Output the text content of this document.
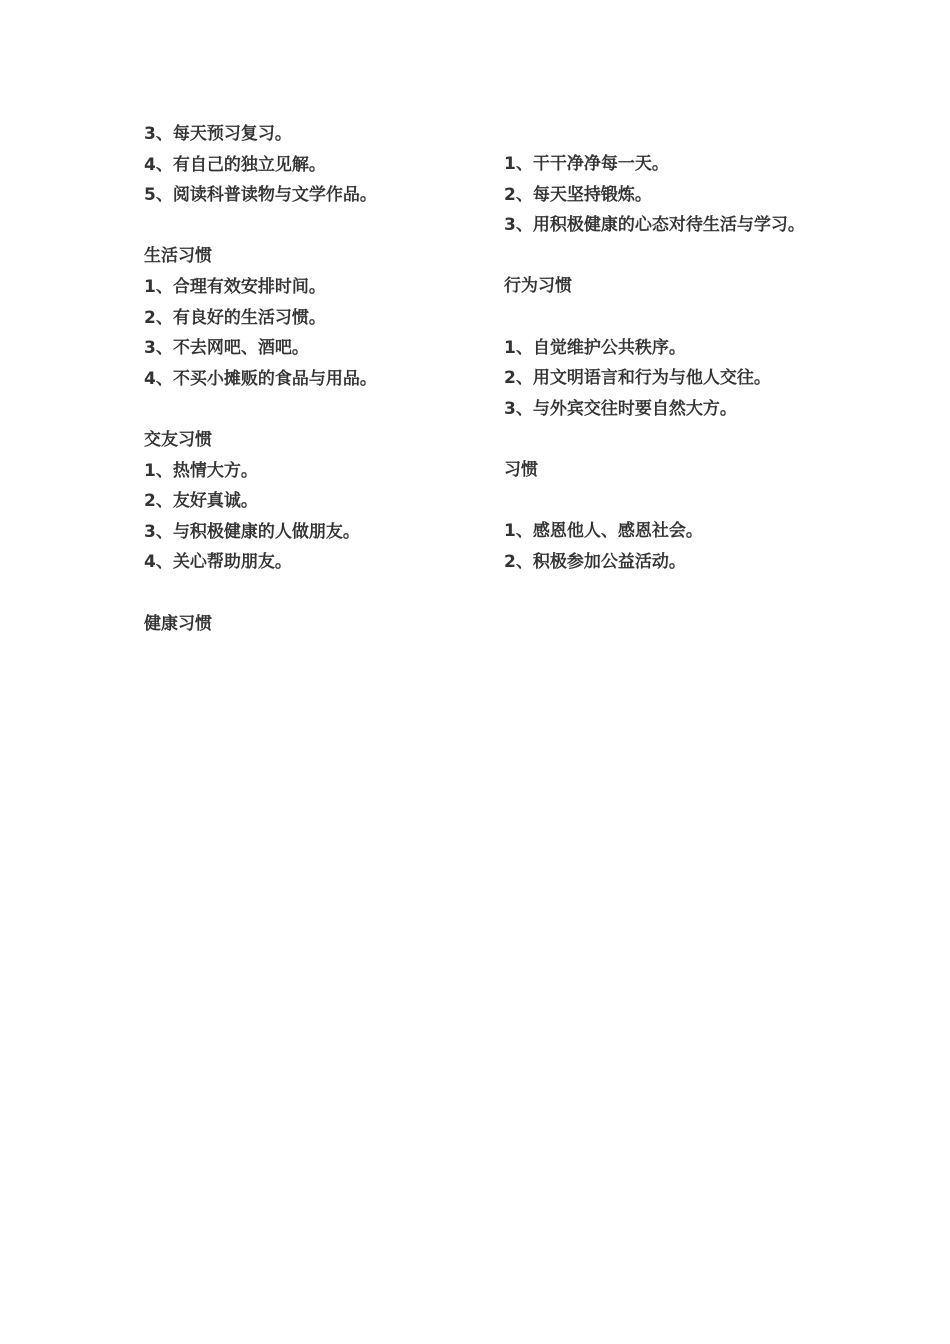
3、每天预习复习。
4、有自己的独立见解。
5、阅读科普读物与文学作品。
生活习惯
1、合理有效安排时间。
2、有良好的生活习惯。
3、不去网吧、酒吧。
4、不买小摊贩的食品与用品。
交友习惯
1、热情大方。
2、友好真诚。
3、与积极健康的人做朋友。
4、关心帮助朋友。
健康习惯
1、干干净净每一天。
2、每天坚持锻炼。
3、用积极健康的心态对待生活与学习。
行为习惯
1、自觉维护公共秩序。
2、用文明语言和行为与他人交往。
3、与外宾交往时要自然大方。
习惯
1、感恩他人、感恩社会。
2、积极参加公益活动。
